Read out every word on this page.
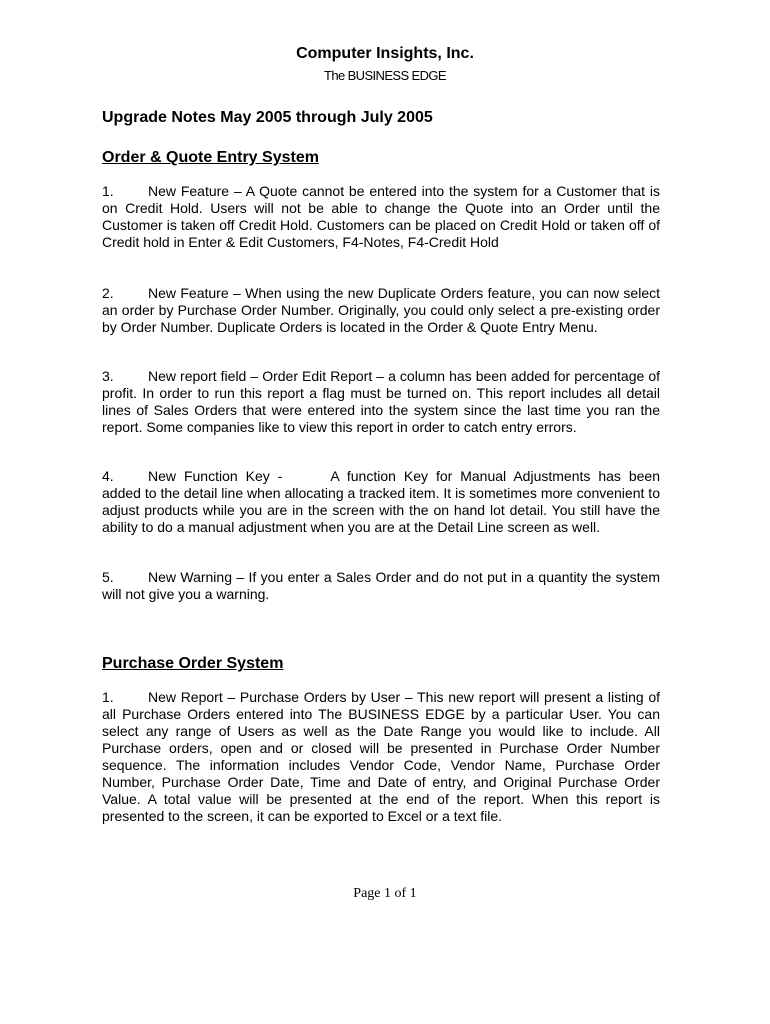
Computer Insights, Inc.
The BUSINESS EDGE
Upgrade Notes May 2005 through July 2005
Order & Quote Entry System
1. New Feature – A Quote cannot be entered into the system for a Customer that is on Credit Hold. Users will not be able to change the Quote into an Order until the Customer is taken off Credit Hold. Customers can be placed on Credit Hold or taken off of Credit hold in Enter & Edit Customers, F4-Notes, F4-Credit Hold
2. New Feature – When using the new Duplicate Orders feature, you can now select an order by Purchase Order Number. Originally, you could only select a pre-existing order by Order Number. Duplicate Orders is located in the Order & Quote Entry Menu.
3. New report field – Order Edit Report – a column has been added for percentage of profit. In order to run this report a flag must be turned on. This report includes all detail lines of Sales Orders that were entered into the system since the last time you ran the report. Some companies like to view this report in order to catch entry errors.
4. New Function Key -	A function Key for Manual Adjustments has been added to the detail line when allocating a tracked item. It is sometimes more convenient to adjust products while you are in the screen with the on hand lot detail. You still have the ability to do a manual adjustment when you are at the Detail Line screen as well.
5. New Warning – If you enter a Sales Order and do not put in a quantity the system will not give you a warning.
Purchase Order System
1. New Report – Purchase Orders by User – This new report will present a listing of all Purchase Orders entered into The BUSINESS EDGE by a particular User. You can select any range of Users as well as the Date Range you would like to include. All Purchase orders, open and or closed will be presented in Purchase Order Number sequence. The information includes Vendor Code, Vendor Name, Purchase Order Number, Purchase Order Date, Time and Date of entry, and Original Purchase Order Value. A total value will be presented at the end of the report. When this report is presented to the screen, it can be exported to Excel or a text file.
Page 1 of 1
